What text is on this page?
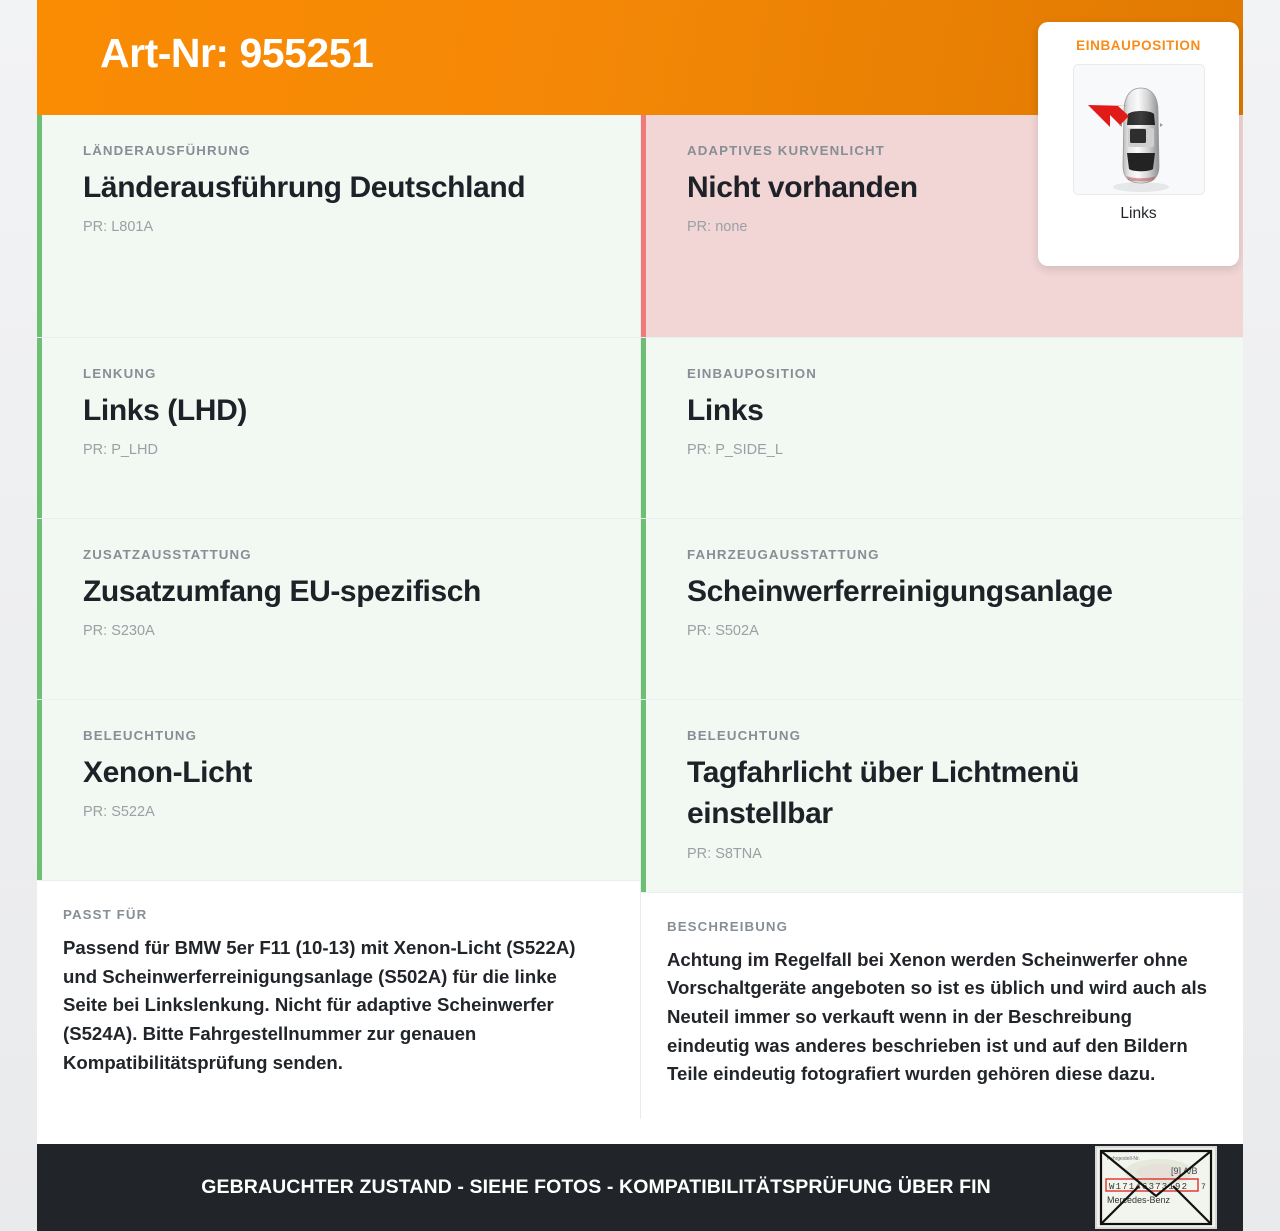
Art-Nr: 955251	EINBAUPOSITION
Links
LÄNDERAUSFÜHRUNG
Länderausführung Deutschland
PR: L801A
LENKUNG
Links (LHD)
PR: P_LHD
ZUSATZAUSSTATTUNG
Zusatzumfang EU-spezifisch
PR: S230A
BELEUCHTUNG
Xenon-Licht
PR: S522A
PASST FÜR
Passend für BMW 5er F11 (10-13) mit Xenon-Licht (S522A) und Scheinwerferreinigungsanlage (S502A) für die linke Seite bei Linkslenkung. Nicht für adaptive Scheinwerfer (S524A). Bitte Fahrgestellnummer zur genauen Kompatibilitätsprüfung senden.
ADAPTIVES KURVENLICHT
Nicht vorhanden
PR: none
EINBAUPOSITION
Links
PR: P_SIDE_L
FAHRZEUGAUSSTATTUNG
Scheinwerferreinigungsanlage
PR: S502A
BELEUCHTUNG
Tagfahrlicht über Lichtmenü einstellbar
PR: S8TNA
BESCHREIBUNG
Achtung im Regelfall bei Xenon werden Scheinwerfer ohne Vorschaltgeräte angeboten so ist es üblich und wird auch als Neuteil immer so verkauft wenn in der Beschreibung eindeutig was anderes beschrieben ist und auf den Bildern Teile eindeutig fotografiert wurden gehören diese dazu.
GEBRAUCHTER ZUSTAND - SIEHE FOTOS - KOMPATIBILITÄTSPRÜFUNG ÜBER FIN
Fahrgestell-Nr.
[9] A/B
W17146373192 7
Mercedes-Benz
